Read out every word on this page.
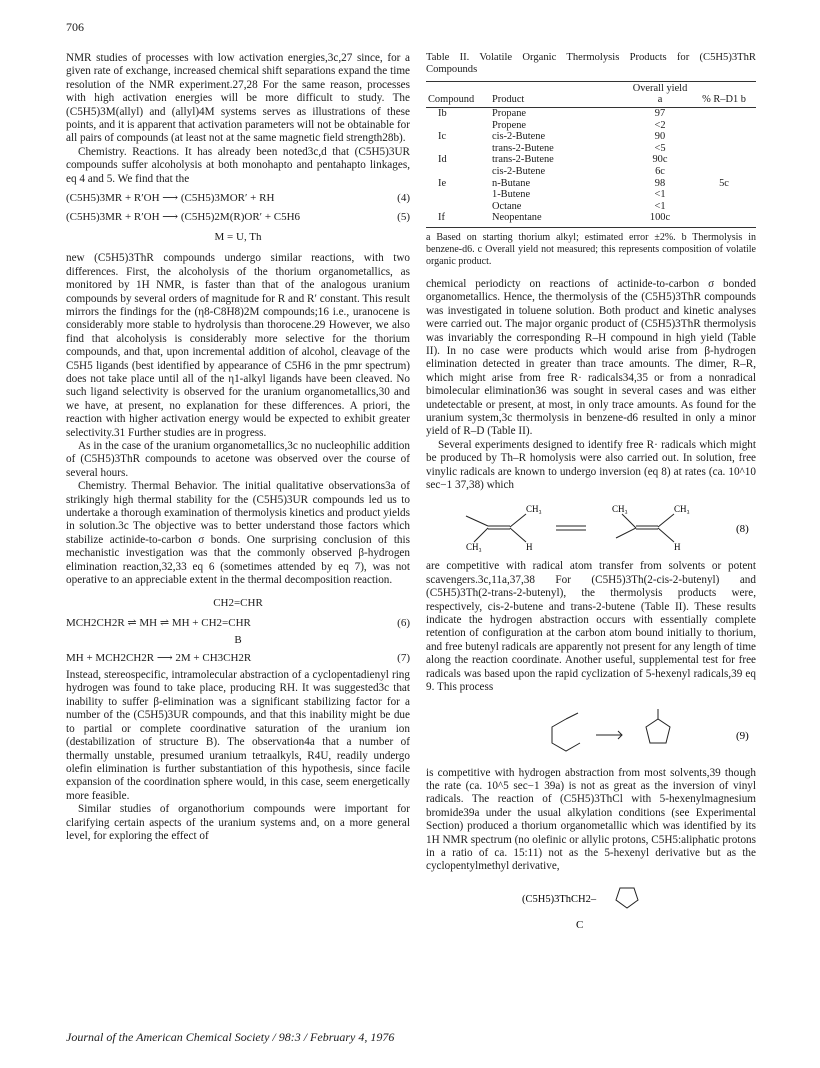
706

NMR studies of processes with low activation energies,3c,27 since, for a given rate of exchange, increased chemical shift separations expand the time resolution of the NMR experiment.27,28 For the same reason, processes with high activation energies will be more difficult to study. The (C5H5)3M(allyl) and (allyl)4M systems serves as illustrations of these points, and it is apparent that activation parameters will not be obtainable for all pairs of compounds (at least not at the same magnetic field strength28b).

Chemistry. Reactions. It has already been noted3c,d that (C5H5)3UR compounds suffer alcoholysis at both monohapto and pentahapto linkages, eq 4 and 5. We find that the

(C5H5)3MR + R′OH ⟶ (C5H5)3MOR′ + RH	(4)
(C5H5)3MR + R′OH ⟶ (C5H5)2M(R)OR′ + C5H6	(5)
M = U, Th

new (C5H5)3ThR compounds undergo similar reactions, with two differences. First, the alcoholysis of the thorium organometallics, as monitored by 1H NMR, is faster than that of the analogous uranium compounds by several orders of magnitude for R and R′ constant. This result mirrors the findings for the (η8-C8H8)2M compounds;16 i.e., uranocene is considerably more stable to hydrolysis than thorocene.29 However, we also find that alcoholysis is considerably more selective for the thorium compounds, and that, upon incremental addition of alcohol, cleavage of the C5H5 ligands (best identified by appearance of C5H6 in the pmr spectrum) does not take place until all of the η1-alkyl ligands have been cleaved. No such ligand selectivity is observed for the uranium organometallics,30 and we have, at present, no explanation for these differences. A priori, the reaction with higher activation energy would be expected to exhibit greater selectivity.31 Further studies are in progress.

As in the case of the uranium organometallics,3c no nucleophilic addition of (C5H5)3ThR compounds to acetone was observed over the course of several hours.

Chemistry. Thermal Behavior. The initial qualitative observations3a of strikingly high thermal stability for the (C5H5)3UR compounds led us to undertake a thorough examination of thermolysis kinetics and product yields in solution.3c The objective was to better understand those factors which stabilize actinide-to-carbon σ bonds. One surprising conclusion of this mechanistic investigation was that the commonly observed β-hydrogen elimination reaction,32,33 eq 6 (sometimes attended by eq 7), was not operative to an appreciable extent in the thermal decomposition reaction.

CH2=CHR
MCH2CH2R ⇌ MH ⇌ MH + CH2=CHR	(6)
B
MH + MCH2CH2R ⟶ 2M + CH3CH2R	(7)

Instead, stereospecific, intramolecular abstraction of a cyclopentadienyl ring hydrogen was found to take place, producing RH. It was suggested3c that inability to suffer β-elimination was a significant stabilizing factor for a number of the (C5H5)3UR compounds, and that this inability might be due to partial or complete coordinative saturation of the uranium ion (destabilization of structure B). The observation4a that a number of thermally unstable, presumed uranium tetraalkyls, R4U, readily undergo olefin elimination is further substantiation of this hypothesis, since facile expansion of the coordination sphere would, in this case, seem energetically more feasible.

Similar studies of organothorium compounds were important for clarifying certain aspects of the uranium systems and, on a more general level, for exploring the effect of

Table II. Volatile Organic Thermolysis Products for (C5H5)3ThR Compounds
Compound	Product	Overall yield a	% R–D1 b
Ib	Propane	97	
	Propene	<2	
Ic	cis-2-Butene	90	
	trans-2-Butene	<5	
Id	trans-2-Butene	90c	
	cis-2-Butene	6c	
Ie	n-Butane	98	5c
	1-Butene	<1	
	Octane	<1	
If	Neopentane	100c	
a Based on starting thorium alkyl; estimated error ±2%. b Thermolysis in benzene-d6. c Overall yield not measured; this represents composition of volatile organic product.

chemical periodicty on reactions of actinide-to-carbon σ bonded organometallics. Hence, the thermolysis of the (C5H5)3ThR compounds was investigated in toluene solution. Both product and kinetic analyses were carried out. The major organic product of (C5H5)3ThR thermolysis was invariably the corresponding R–H compound in high yield (Table II). In no case were products which would arise from β-hydrogen elimination detected in greater than trace amounts. The dimer, R–R, which might arise from free R· radicals34,35 or from a nonradical bimolecular elimination36 was sought in several cases and was either undetectable or present, at most, in only trace amounts. As found for the uranium system,3c thermolysis in benzene-d6 resulted in only a minor yield of R–D (Table II).

Several experiments designed to identify free R· radicals which might be produced by Th–R homolysis were also carried out. In solution, free vinylic radicals are known to undergo inversion (eq 8) at rates (ca. 10^10 sec−1 37,38) which

CH₃
CH₃	H
CH₃	CH₃
H
(8)

are competitive with radical atom transfer from solvents or potent scavengers.3c,11a,37,38 For (C5H5)3Th(2-cis-2-butenyl) and (C5H5)3Th(2-trans-2-butenyl), the thermolysis products were, respectively, cis-2-butene and trans-2-butene (Table II). These results indicate the hydrogen abstraction occurs with essentially complete retention of configuration at the carbon atom bound initially to thorium, and free butenyl radicals are apparently not present for any length of time along the reaction coordinate. Another useful, supplemental test for free radicals was based upon the rapid cyclization of 5-hexenyl radicals,39 eq 9. This process

(9)

is competitive with hydrogen abstraction from most solvents,39 though the rate (ca. 10^5 sec−1 39a) is not as great as the inversion of vinyl radicals. The reaction of (C5H5)3ThCl with 5-hexenylmagnesium bromide39a under the usual alkylation conditions (see Experimental Section) produced a thorium organometallic which was identified by its 1H NMR spectrum (no olefinic or allylic protons, C5H5:aliphatic protons in a ratio of ca. 15:11) not as the 5-hexenyl derivative but as the cyclopentylmethyl derivative,

(C5H5)3ThCH2–
C
Journal of the American Chemical Society / 98:3 / February 4, 1976
